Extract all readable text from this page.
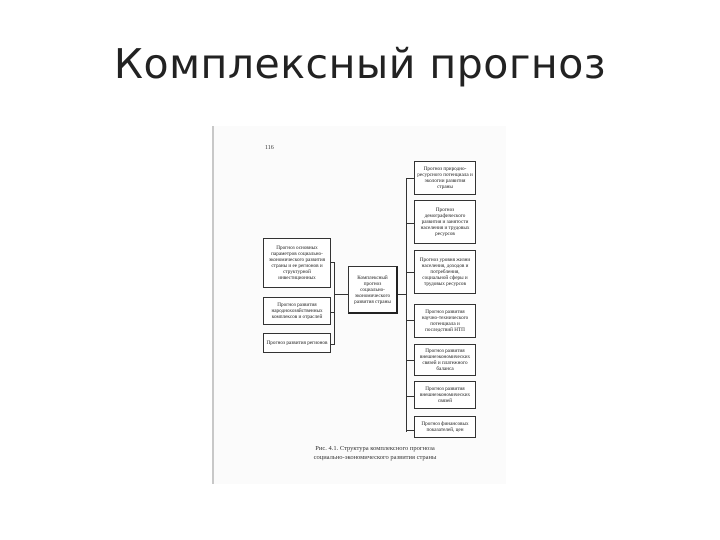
Комплексный прогноз
116
Прогноз основных параметров социально-экономического развития страны и ее регионов и структурной инвестиционных
Прогноз развития народнохозяйственных комплексов и отраслей
Прогноз развития регионов
Комплексный прогноз социально-экономического развития страны
Прогноз природно-ресурсного потенциала и экологии развития страны
Прогноз демографического развития и занятости населения и трудовых ресурсов
Прогноз уровня жизни населения, доходов и потребления, социальной сферы и трудовых ресурсов
Прогноз развития научно-технического потенциала и последствий НТП
Прогноз развития внешнеэкономических связей и платежного баланса
Прогноз развития внешнеэкономических связей
Прогноз финансовых показателей, цен
Рис. 4.1. Структура комплексного прогноза
социально-экономического развития страны
